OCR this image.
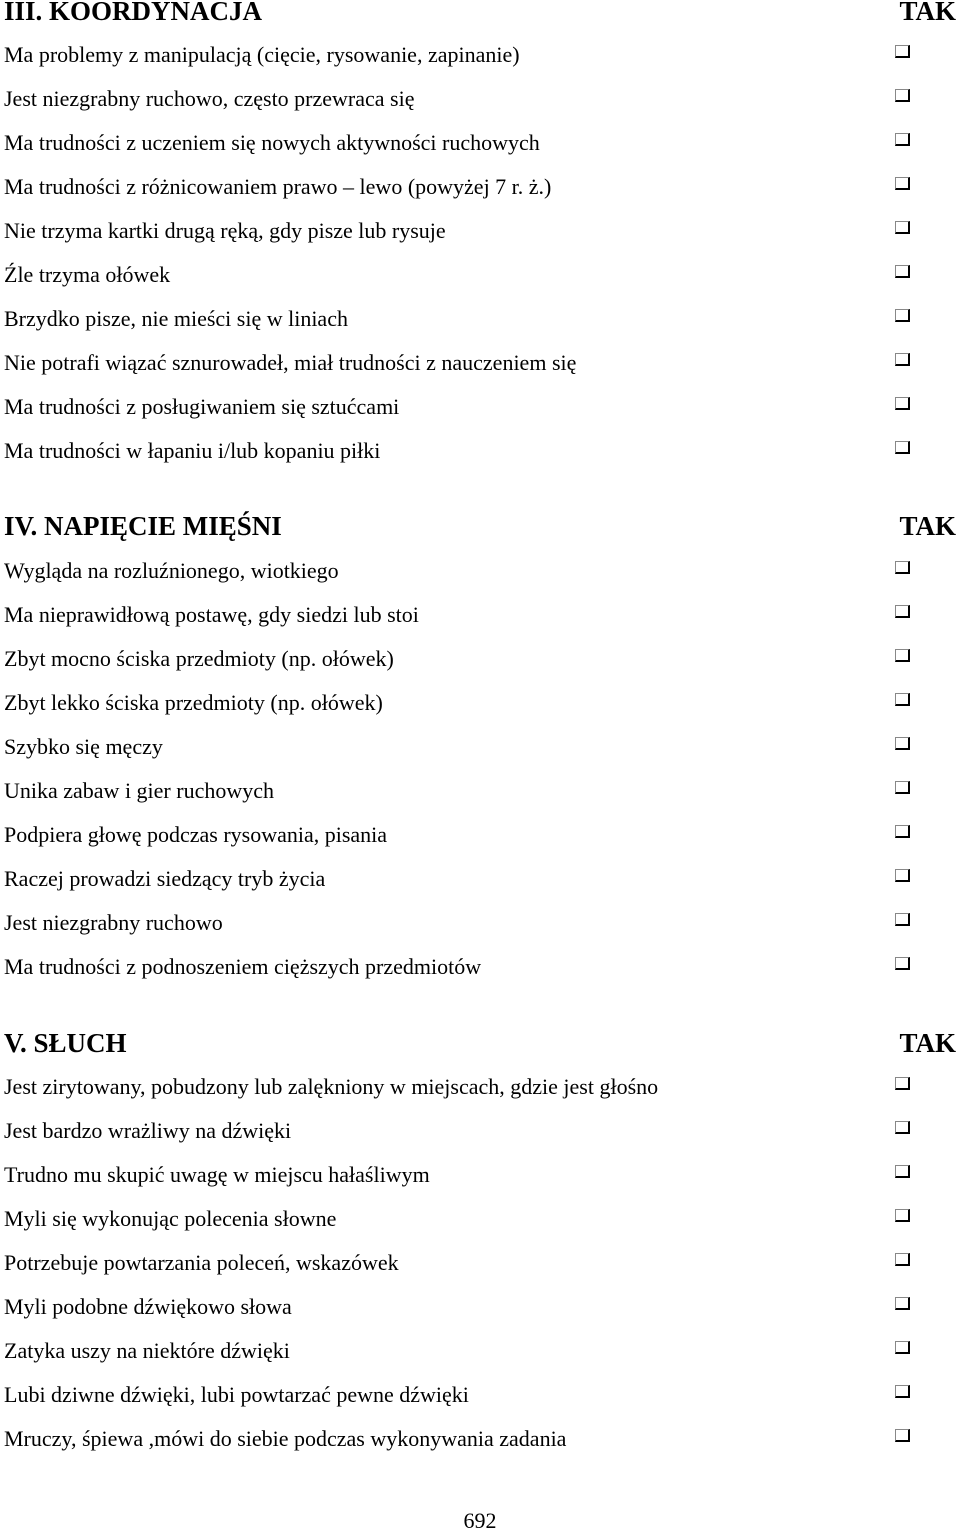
III. KOORDYNACJA	TAK
Ma problemy z manipulacją (cięcie, rysowanie, zapinanie)
Jest niezgrabny ruchowo, często przewraca się
Ma trudności z uczeniem się nowych aktywności ruchowych
Ma trudności z różnicowaniem prawo – lewo (powyżej 7 r. ż.)
Nie trzyma kartki drugą ręką, gdy pisze lub rysuje
Źle trzyma ołówek
Brzydko pisze, nie mieści się w liniach
Nie potrafi wiązać sznurowadeł, miał trudności z nauczeniem się
Ma trudności z posługiwaniem się sztućcami
Ma trudności w łapaniu i/lub kopaniu piłki
IV. NAPIĘCIE MIĘŚNI	TAK
Wygląda na rozluźnionego, wiotkiego
Ma nieprawidłową postawę, gdy siedzi lub stoi
Zbyt mocno ściska przedmioty (np. ołówek)
Zbyt lekko ściska przedmioty (np. ołówek)
Szybko się męczy
Unika zabaw i gier ruchowych
Podpiera głowę podczas rysowania, pisania
Raczej prowadzi siedzący tryb życia
Jest niezgrabny ruchowo
Ma trudności z podnoszeniem cięższych przedmiotów
V. SŁUCH	TAK
Jest zirytowany, pobudzony lub zalękniony w miejscach, gdzie jest głośno
Jest bardzo wrażliwy na dźwięki
Trudno mu skupić uwagę w miejscu hałaśliwym
Myli się wykonując polecenia słowne
Potrzebuje powtarzania poleceń, wskazówek
Myli podobne dźwiękowo słowa
Zatyka uszy na niektóre dźwięki
Lubi dziwne dźwięki, lubi powtarzać pewne dźwięki
Mruczy, śpiewa ,mówi do siebie podczas wykonywania zadania
692
